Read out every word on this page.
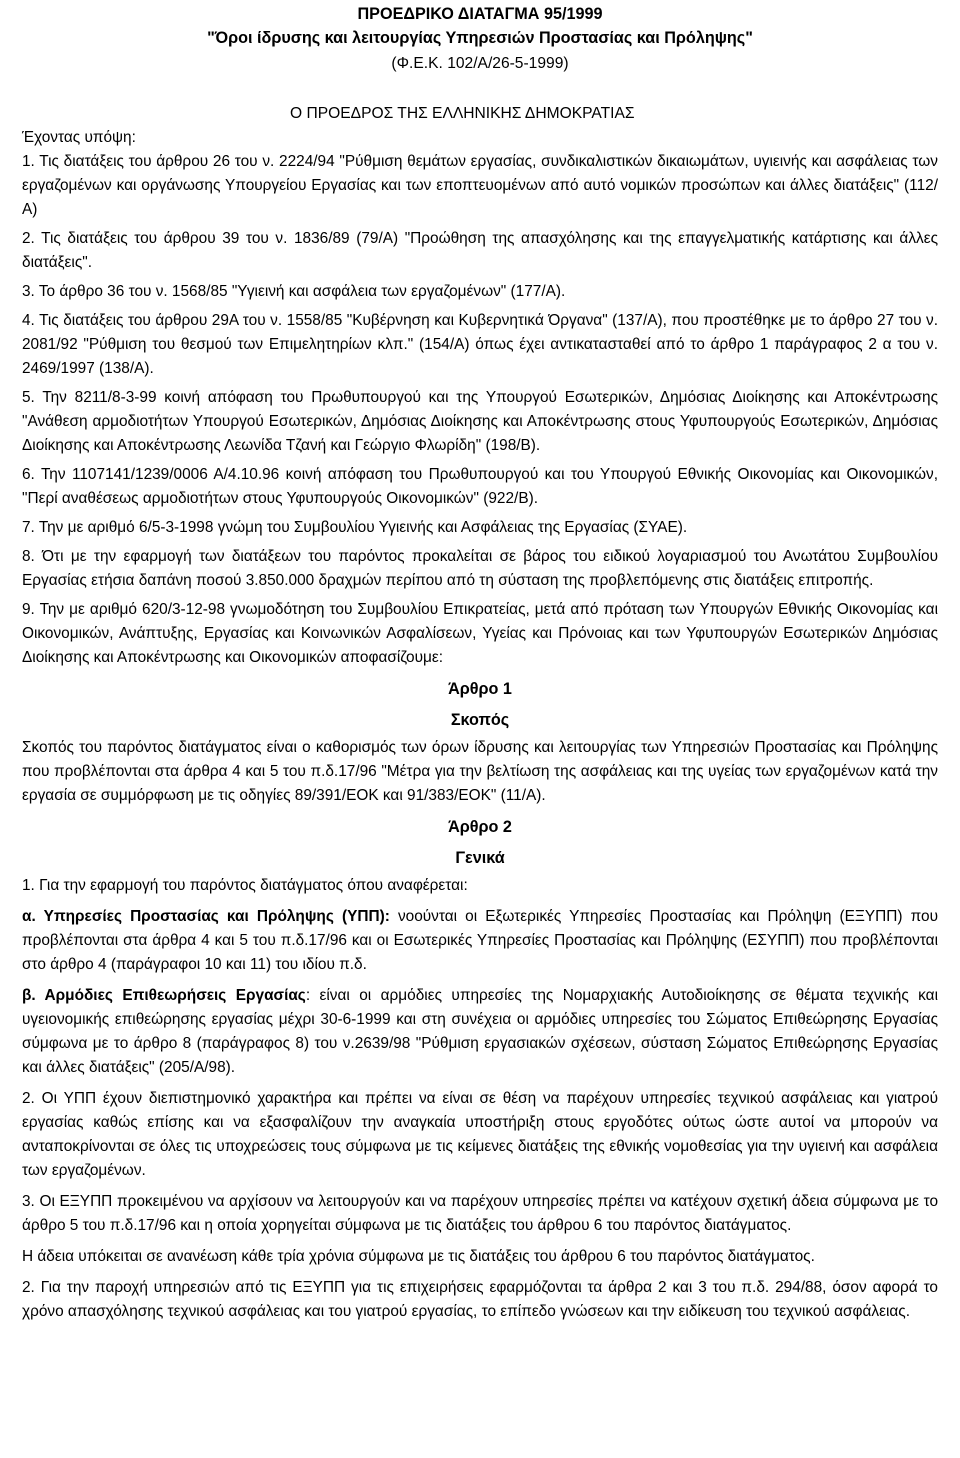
ΠΡΟΕΔΡΙΚΟ ΔΙΑΤΑΓΜΑ 95/1999
"Όροι ίδρυσης και λειτουργίας Υπηρεσιών Προστασίας και Πρόληψης"
(Φ.Ε.Κ. 102/Α/26-5-1999)
Ο ΠΡΟΕΔΡΟΣ ΤΗΣ ΕΛΛΗΝΙΚΗΣ ΔΗΜΟΚΡΑΤΙΑΣ
Έχοντας υπόψη:

1. Τις διατάξεις του άρθρου 26 του ν. 2224/94 "Ρύθμιση θεμάτων εργασίας, συνδικαλιστικών δικαιωμάτων, υγιεινής και ασφάλειας των εργαζομένων και οργάνωσης Υπουργείου Εργασίας και των εποπτευομένων από αυτό νομικών προσώπων και άλλες διατάξεις" (112/Α)

2. Τις διατάξεις του άρθρου 39 του ν. 1836/89 (79/Α) "Προώθηση της απασχόλησης και της επαγγελματικής κατάρτισης και άλλες διατάξεις".

3. Το άρθρο 36 του ν. 1568/85 "Υγιεινή και ασφάλεια των εργαζομένων" (177/Α).

4. Τις διατάξεις του άρθρου 29Α του ν. 1558/85 "Κυβέρνηση και Κυβερνητικά Όργανα" (137/Α), που προστέθηκε με το άρθρο 27 του ν. 2081/92 "Ρύθμιση του θεσμού των Επιμελητηρίων κλπ." (154/Α) όπως έχει αντικατασταθεί από το άρθρο 1 παράγραφος 2 α του ν. 2469/1997 (138/Α).

5. Την 8211/8-3-99 κοινή απόφαση του Πρωθυπουργού και της Υπουργού Εσωτερικών, Δημόσιας Διοίκησης και Αποκέντρωσης "Ανάθεση αρμοδιοτήτων Υπουργού Εσωτερικών, Δημόσιας Διοίκησης και Αποκέντρωσης στους Υφυπουργούς Εσωτερικών, Δημόσιας Διοίκησης και Αποκέντρωσης Λεωνίδα Τζανή και Γεώργιο Φλωρίδη" (198/Β).

6. Την 1107141/1239/0006 Α/4.10.96 κοινή απόφαση του Πρωθυπουργού και του Υπουργού Εθνικής Οικονομίας και Οικονομικών, "Περί αναθέσεως αρμοδιοτήτων στους Υφυπουργούς Οικονομικών" (922/Β).

7. Την με αριθμό 6/5-3-1998 γνώμη του Συμβουλίου Υγιεινής και Ασφάλειας της Εργασίας (ΣΥΑΕ).

8. Ότι με την εφαρμογή των διατάξεων του παρόντος προκαλείται σε βάρος του ειδικού λογαριασμού του Ανωτάτου Συμβουλίου Εργασίας ετήσια δαπάνη ποσού 3.850.000 δραχμών περίπου από τη σύσταση της προβλεπόμενης στις διατάξεις επιτροπής.

9. Την με αριθμό 620/3-12-98 γνωμοδότηση του Συμβουλίου Επικρατείας, μετά από πρόταση των Υπουργών Εθνικής Οικονομίας και Οικονομικών, Ανάπτυξης, Εργασίας και Κοινωνικών Ασφαλίσεων, Υγείας και Πρόνοιας και των Υφυπουργών Εσωτερικών Δημόσιας Διοίκησης και Αποκέντρωσης και Οικονομικών αποφασίζουμε:

Άρθρο 1
Σκοπός

Σκοπός του παρόντος διατάγματος είναι ο καθορισμός των όρων ίδρυσης και λειτουργίας των Υπηρεσιών Προστασίας και Πρόληψης που προβλέπονται στα άρθρα 4 και 5 του π.δ.17/96 "Μέτρα για την βελτίωση της ασφάλειας και της υγείας των εργαζομένων κατά την εργασία σε συμμόρφωση με τις οδηγίες 89/391/ΕΟΚ και 91/383/ΕΟΚ" (11/Α).

Άρθρο 2
Γενικά

1. Για την εφαρμογή του παρόντος διατάγματος όπου αναφέρεται:

α. Υπηρεσίες Προστασίας και Πρόληψης (ΥΠΠ): νοούνται οι Εξωτερικές Υπηρεσίες Προστασίας και Πρόληψη (ΕΞΥΠΠ) που προβλέπονται στα άρθρα 4 και 5 του π.δ.17/96 και οι Εσωτερικές Υπηρεσίες Προστασίας και Πρόληψης (ΕΣΥΠΠ) που προβλέπονται στο άρθρο 4 (παράγραφοι 10 και 11) του ιδίου π.δ.

β. Αρμόδιες Επιθεωρήσεις Εργασίας: είναι οι αρμόδιες υπηρεσίες της Νομαρχιακής Αυτοδιοίκησης σε θέματα τεχνικής και υγειονομικής επιθεώρησης εργασίας μέχρι 30-6-1999 και στη συνέχεια οι αρμόδιες υπηρεσίες του Σώματος Επιθεώρησης Εργασίας σύμφωνα με το άρθρο 8 (παράγραφος 8) του ν.2639/98 "Ρύθμιση εργασιακών σχέσεων, σύσταση Σώματος Επιθεώρησης Εργασίας και άλλες διατάξεις" (205/Α/98).

2. Οι ΥΠΠ έχουν διεπιστημονικό χαρακτήρα και πρέπει να είναι σε θέση να παρέχουν υπηρεσίες τεχνικού ασφάλειας και γιατρού εργασίας καθώς επίσης και να εξασφαλίζουν την αναγκαία υποστήριξη στους εργοδότες ούτως ώστε αυτοί να μπορούν να ανταποκρίνονται σε όλες τις υποχρεώσεις τους σύμφωνα με τις κείμενες διατάξεις της εθνικής νομοθεσίας για την υγιεινή και ασφάλεια των εργαζομένων.

3. Οι ΕΞΥΠΠ προκειμένου να αρχίσουν να λειτουργούν και να παρέχουν υπηρεσίες πρέπει να κατέχουν σχετική άδεια σύμφωνα με το άρθρο 5 του π.δ.17/96 και η οποία χορηγείται σύμφωνα με τις διατάξεις του άρθρου 6 του παρόντος διατάγματος.

Η άδεια υπόκειται σε ανανέωση κάθε τρία χρόνια σύμφωνα με τις διατάξεις του άρθρου 6 του παρόντος διατάγματος.

2. Για την παροχή υπηρεσιών από τις ΕΞΥΠΠ για τις επιχειρήσεις εφαρμόζονται τα άρθρα 2 και 3 του π.δ. 294/88, όσον αφορά το χρόνο απασχόλησης τεχνικού ασφάλειας και του γιατρού εργασίας, το επίπεδο γνώσεων και την ειδίκευση του τεχνικού ασφάλειας.
